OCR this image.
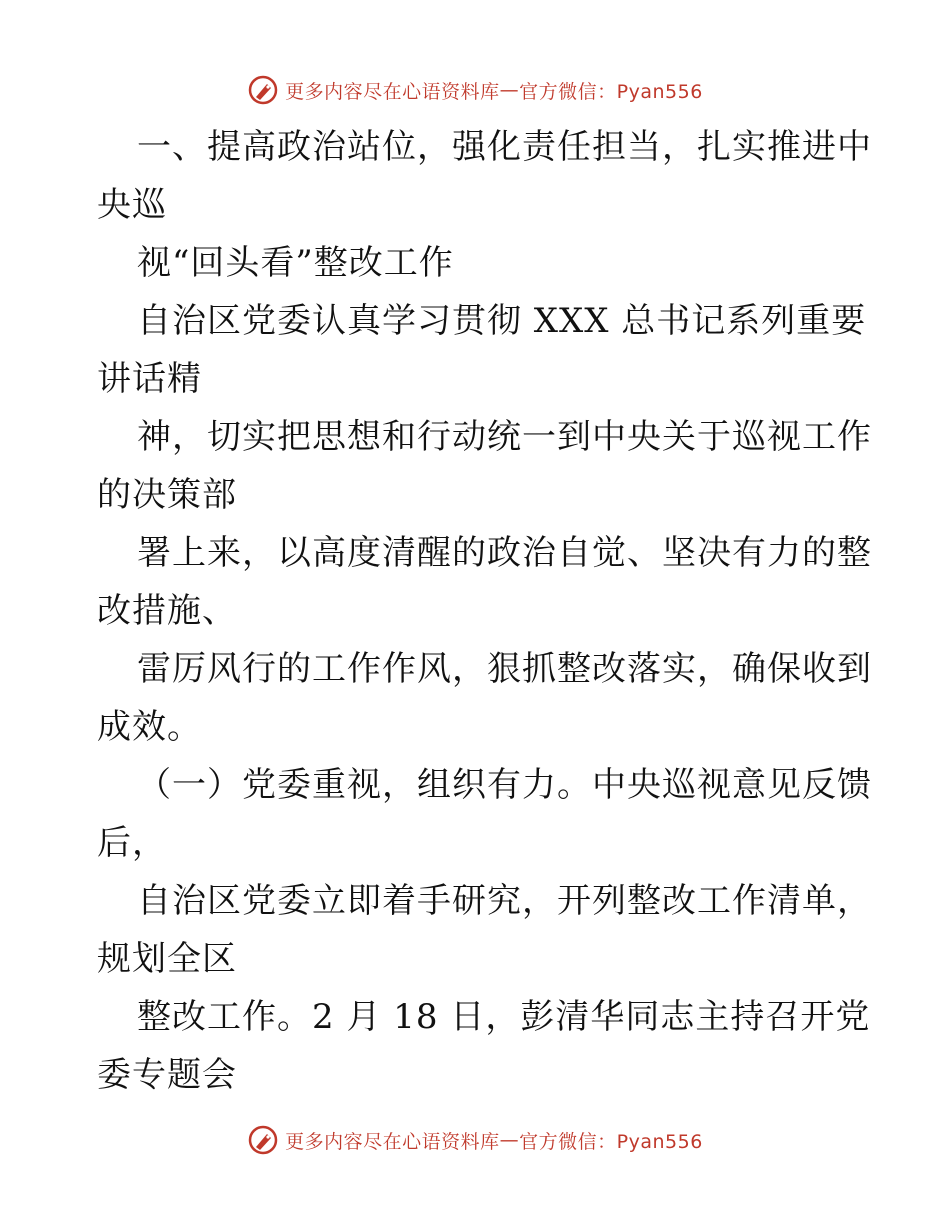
更多内容尽在心语资料库 — 官方微信：Pyan556
一、提高政治站位，强化责任担当，扎实推进中
央巡
视“回头看”整改工作
自治区党委认真学习贯彻 XXX 总书记系列重要
讲话精
神，切实把思想和行动统一到中央关于巡视工作
的决策部
署上来，以高度清醒的政治自觉、坚决有力的整
改措施、
雷厉风行的工作作风，狠抓整改落实，确保收到
成效。
（一）党委重视，组织有力。中央巡视意见反馈
后，
自治区党委立即着手研究，开列整改工作清单，
规划全区
整改工作。2 月 18 日，彭清华同志主持召开党
委专题会
更多内容尽在心语资料库 — 官方微信：Pyan556
